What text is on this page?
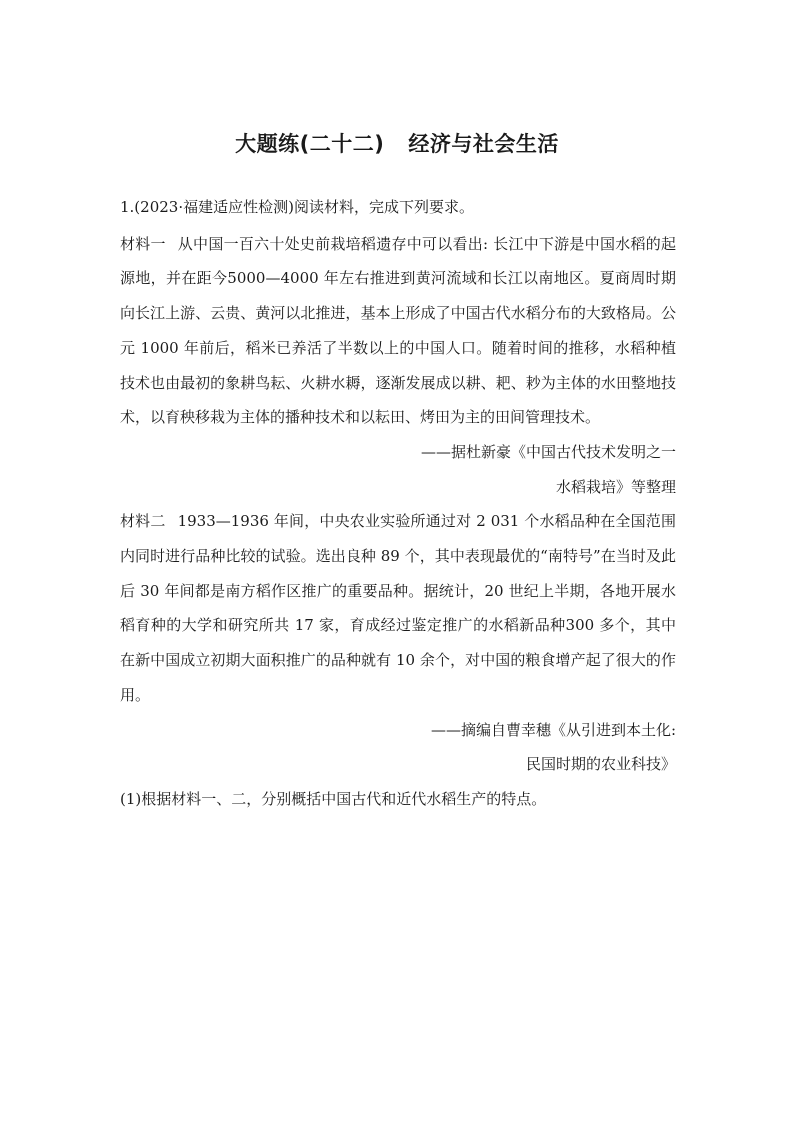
大题练(二十二) 经济与社会生活

1.(2023·福建适应性检测)阅读材料，完成下列要求。

材料一 从中国一百六十处史前栽培稻遗存中可以看出: 长江中下游是中国水稻的起源地，并在距今5000—4000 年左右推进到黄河流域和长江以南地区。夏商周时期向长江上游、云贵、黄河以北推进，基本上形成了中国古代水稻分布的大致格局。公元 1000 年前后，稻米已养活了半数以上的中国人口。随着时间的推移，水稻种植技术也由最初的象耕鸟耘、火耕水耨，逐渐发展成以耕、耙、耖为主体的水田整地技术，以育秧移栽为主体的播种技术和以耘田、烤田为主的田间管理技术。

——据杜新豪《中国古代技术发明之一

水稻栽培》等整理

材料二 1933—1936 年间，中央农业实验所通过对 2 031 个水稻品种在全国范围内同时进行品种比较的试验。选出良种 89 个，其中表现最优的“南特号”在当时及此后 30 年间都是南方稻作区推广的重要品种。据统计，20 世纪上半期，各地开展水稻育种的大学和研究所共 17 家，育成经过鉴定推广的水稻新品种300 多个，其中在新中国成立初期大面积推广的品种就有 10 余个，对中国的粮食增产起了很大的作用。

——摘编自曹幸穗《从引进到本土化:

民国时期的农业科技》

(1)根据材料一、二，分别概括中国古代和近代水稻生产的特点。
